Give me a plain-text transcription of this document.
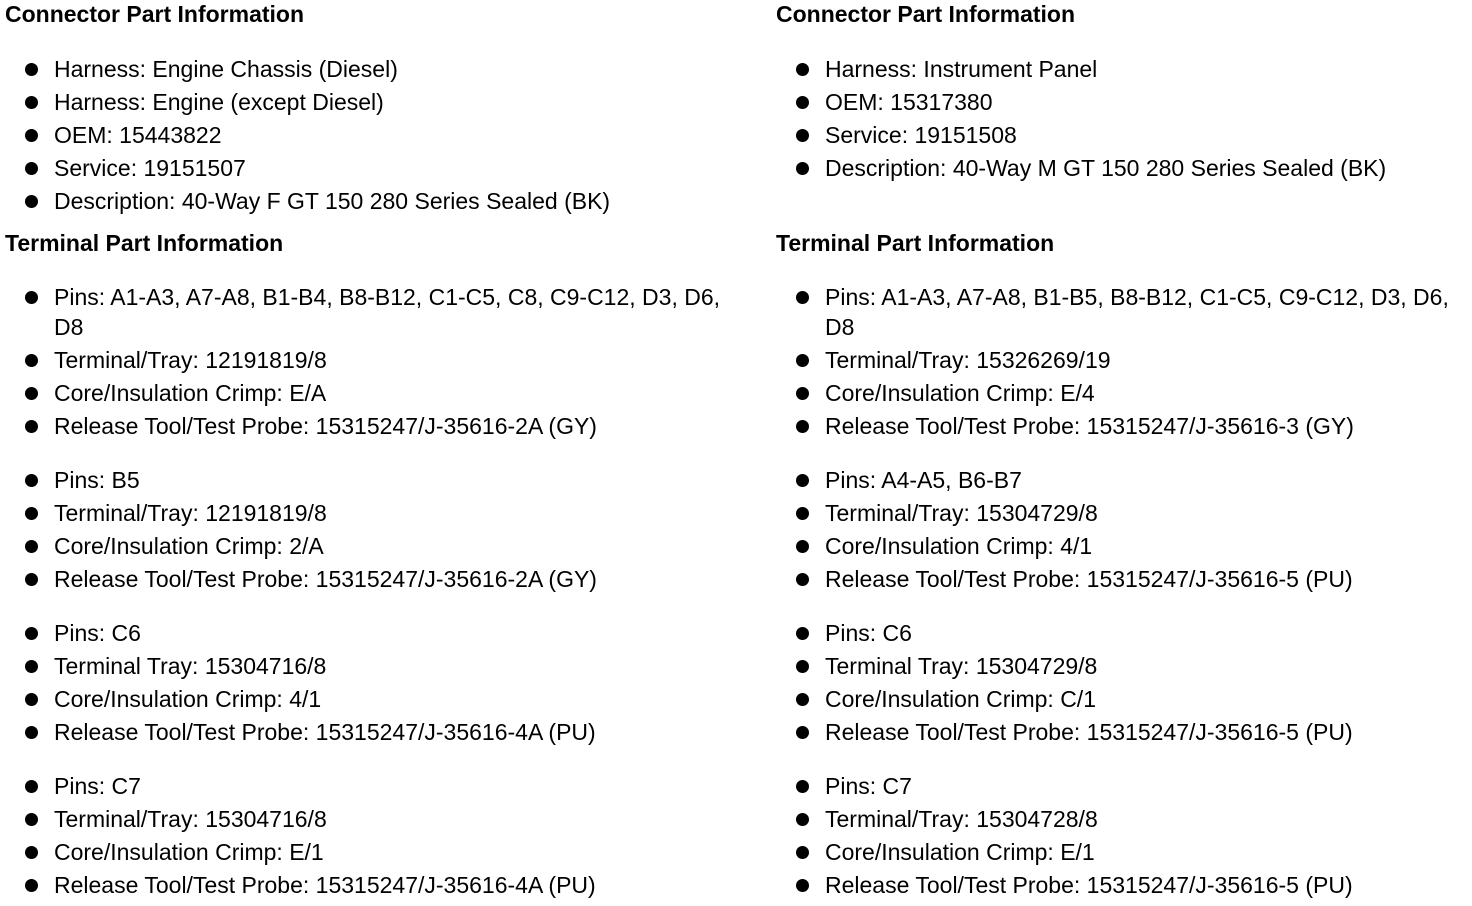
Connector Part Information
Harness: Engine Chassis (Diesel)
Harness: Engine (except Diesel)
OEM: 15443822
Service: 19151507
Description: 40-Way F GT 150 280 Series Sealed (BK)
Terminal Part Information
Pins: A1-A3, A7-A8, B1-B4, B8-B12, C1-C5, C8, C9-C12, D3, D6, D8
Terminal/Tray: 12191819/8
Core/Insulation Crimp: E/A
Release Tool/Test Probe: 15315247/J-35616-2A (GY)
Pins: B5
Terminal/Tray: 12191819/8
Core/Insulation Crimp: 2/A
Release Tool/Test Probe: 15315247/J-35616-2A (GY)
Pins: C6
Terminal Tray: 15304716/8
Core/Insulation Crimp: 4/1
Release Tool/Test Probe: 15315247/J-35616-4A (PU)
Pins: C7
Terminal/Tray: 15304716/8
Core/Insulation Crimp: E/1
Release Tool/Test Probe: 15315247/J-35616-4A (PU)
Connector Part Information
Harness: Instrument Panel
OEM: 15317380
Service: 19151508
Description: 40-Way M GT 150 280 Series Sealed (BK)
Terminal Part Information
Pins: A1-A3, A7-A8, B1-B5, B8-B12, C1-C5, C9-C12, D3, D6, D8
Terminal/Tray: 15326269/19
Core/Insulation Crimp: E/4
Release Tool/Test Probe: 15315247/J-35616-3 (GY)
Pins: A4-A5, B6-B7
Terminal/Tray: 15304729/8
Core/Insulation Crimp: 4/1
Release Tool/Test Probe: 15315247/J-35616-5 (PU)
Pins: C6
Terminal Tray: 15304729/8
Core/Insulation Crimp: C/1
Release Tool/Test Probe: 15315247/J-35616-5 (PU)
Pins: C7
Terminal/Tray: 15304728/8
Core/Insulation Crimp: E/1
Release Tool/Test Probe: 15315247/J-35616-5 (PU)
